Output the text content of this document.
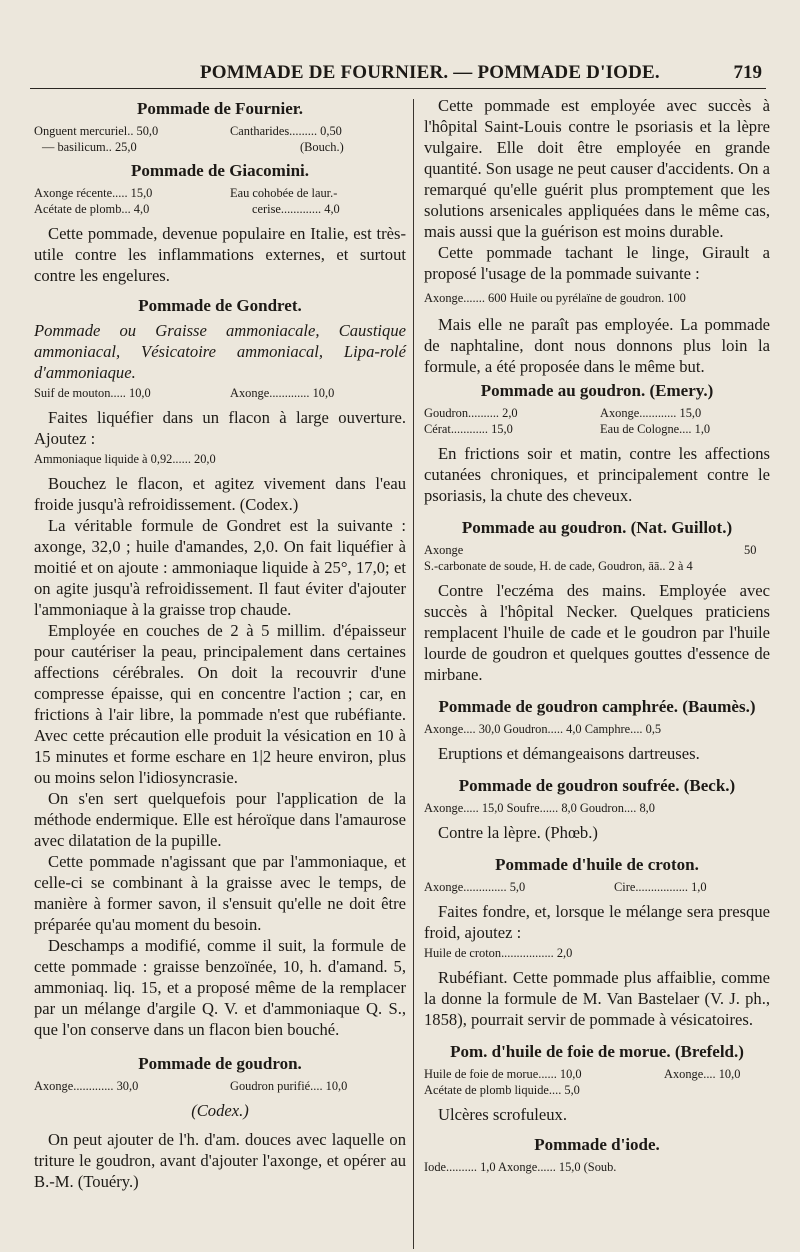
POMMADE DE FOURNIER. — POMMADE D'IODE.	719
Pommade de Fournier.
Onguent mercuriel.. 50,0	Cantharides......... 0,50
— basilicum.. 25,0	(Bouch.)
Pommade de Giacomini.
Axonge récente..... 15,0	Eau cohobée de laur.-
Acétate de plomb... 4,0	cerise............. 4,0

Cette pommade, devenue populaire en Italie, est très-utile contre les inflammations externes, et surtout contre les engelures.

Pommade de Gondret.

Pommade ou Graisse ammoniacale, Caustique ammoniacal, Vésicatoire ammoniacal, Lipa-rolé d'ammoniaque.

Suif de mouton..... 10,0	Axonge............. 10,0

Faites liquéfier dans un flacon à large ouverture. Ajoutez :

Ammoniaque liquide à 0,92...... 20,0

Bouchez le flacon, et agitez vivement dans l'eau froide jusqu'à refroidissement. (Codex.)

La véritable formule de Gondret est la suivante : axonge, 32,0 ; huile d'amandes, 2,0. On fait liquéfier à moitié et on ajoute : ammoniaque liquide à 25°, 17,0; et on agite jusqu'à refroidissement. Il faut éviter d'ajouter l'ammoniaque à la graisse trop chaude.

Employée en couches de 2 à 5 millim. d'épaisseur pour cautériser la peau, principalement dans certaines affections cérébrales. On doit la recouvrir d'une compresse épaisse, qui en concentre l'action ; car, en frictions à l'air libre, la pommade n'est que rubéfiante. Avec cette précaution elle produit la vésication en 10 à 15 minutes et forme eschare en 1|2 heure environ, plus ou moins selon l'idiosyncrasie.

On s'en sert quelquefois pour l'application de la méthode endermique. Elle est héroïque dans l'amaurose avec dilatation de la pupille.

Cette pommade n'agissant que par l'ammoniaque, et celle-ci se combinant à la graisse avec le temps, de manière à former savon, il s'ensuit qu'elle ne doit être préparée qu'au moment du besoin.

Deschamps a modifié, comme il suit, la formule de cette pommade : graisse benzoïnée, 10, h. d'amand. 5, ammoniaq. liq. 15, et a proposé même de la remplacer par un mélange d'argile Q. V. et d'ammoniaque Q. S., que l'on conserve dans un flacon bien bouché.

Pommade de goudron.
Axonge............. 30,0	Goudron purifié.... 10,0
(Codex.)

On peut ajouter de l'h. d'am. douces avec laquelle on triture le goudron, avant d'ajouter l'axonge, et opérer au B.-M. (Touéry.)

Cette pommade est employée avec succès à l'hôpital Saint-Louis contre le psoriasis et la lèpre vulgaire. Elle doit être employée en grande quantité. Son usage ne peut causer d'accidents. On a remarqué qu'elle guérit plus promptement que les solutions arsenicales appliquées dans le même cas, mais aussi que la guérison est moins durable.

Cette pommade tachant le linge, Girault a proposé l'usage de la pommade suivante :

Axonge....... 600 Huile ou pyrélaïne de goudron. 100

Mais elle ne paraît pas employée. La pommade de naphtaline, dont nous donnons plus loin la formule, a été proposée dans le même but.

Pommade au goudron. (Emery.)
Goudron.......... 2,0	Axonge............ 15,0
Cérat............ 15,0	Eau de Cologne.... 1,0

En frictions soir et matin, contre les affections cutanées chroniques, et principalement contre le psoriasis, la chute des cheveux.

Pommade au goudron. (Nat. Guillot.)
Axonge	50
S.-carbonate de soude, H. de cade, Goudron, āā.. 2 à 4

Contre l'eczéma des mains. Employée avec succès à l'hôpital Necker. Quelques praticiens remplacent l'huile de cade et le goudron par l'huile lourde de goudron et quelques gouttes d'essence de mirbane.

Pommade de goudron camphrée. (Baumès.)
Axonge.... 30,0 Goudron..... 4,0 Camphre.... 0,5

Eruptions et démangeaisons dartreuses.

Pommade de goudron soufrée. (Beck.)
Axonge..... 15,0 Soufre...... 8,0 Goudron.... 8,0

Contre la lèpre. (Phœb.)

Pommade d'huile de croton.
Axonge.............. 5,0	Cire................. 1,0

Faites fondre, et, lorsque le mélange sera presque froid, ajoutez :

Huile de croton................. 2,0

Rubéfiant. Cette pommade plus affaiblie, comme la donne la formule de M. Van Bastelaer (V. J. ph., 1858), pourrait servir de pommade à vésicatoires.

Pom. d'huile de foie de morue. (Brefeld.)
Huile de foie de morue...... 10,0	Axonge.... 10,0
Acétate de plomb liquide.... 5,0

Ulcères scrofuleux.

Pommade d'iode.
Iode.......... 1,0 Axonge...... 15,0 (Soub.
